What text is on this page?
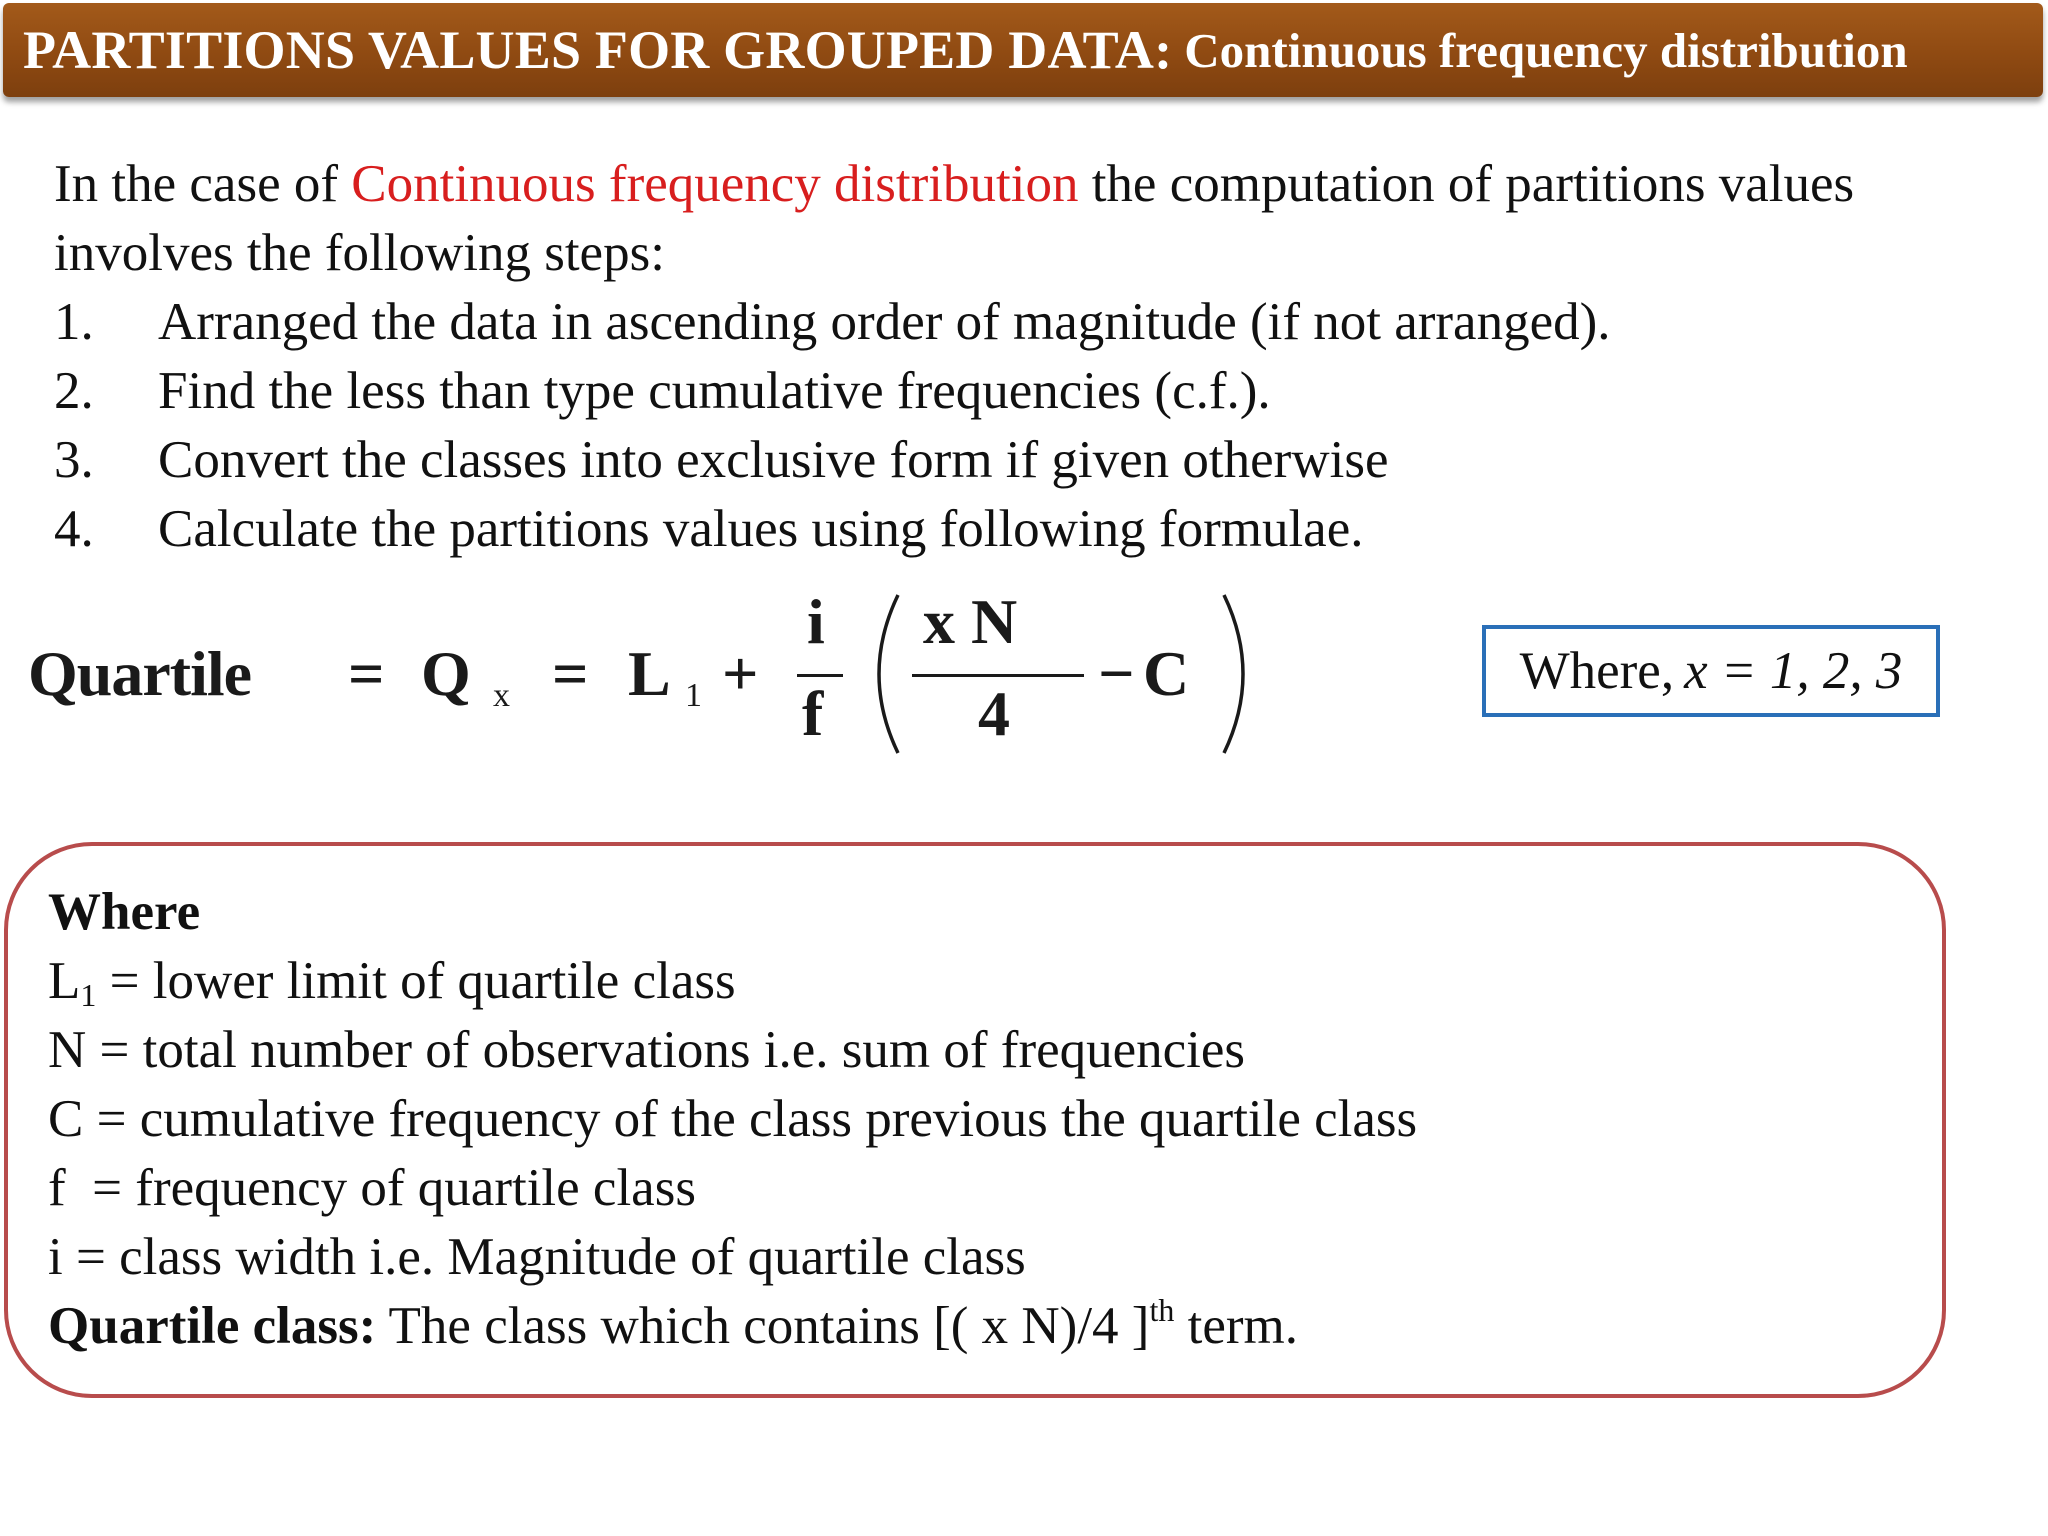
PARTITIONS VALUES FOR GROUPED DATA: Continuous frequency distribution

In the case of Continuous frequency distribution the computation of partitions values involves the following steps:

1.	Arranged the data in ascending order of magnitude (if not arranged).
2.	Find the less than type cumulative frequencies (c.f.).
3.	Convert the classes into exclusive form if given otherwise
4.	Calculate the partitions values using following formulae.
Quartile = Q x = L 1 +
i
f
x N
4
− C	Where, x = 1, 2, 3

Where

$L_1$ = lower limit of quartile class

N = total number of observations i.e. sum of frequencies

C = cumulative frequency of the class previous the quartile class

f  = frequency of quartile class

i = class width i.e. Magnitude of quartile class

Quartile class: The class which contains [( x N)/4 ]$^{th}$ term.
